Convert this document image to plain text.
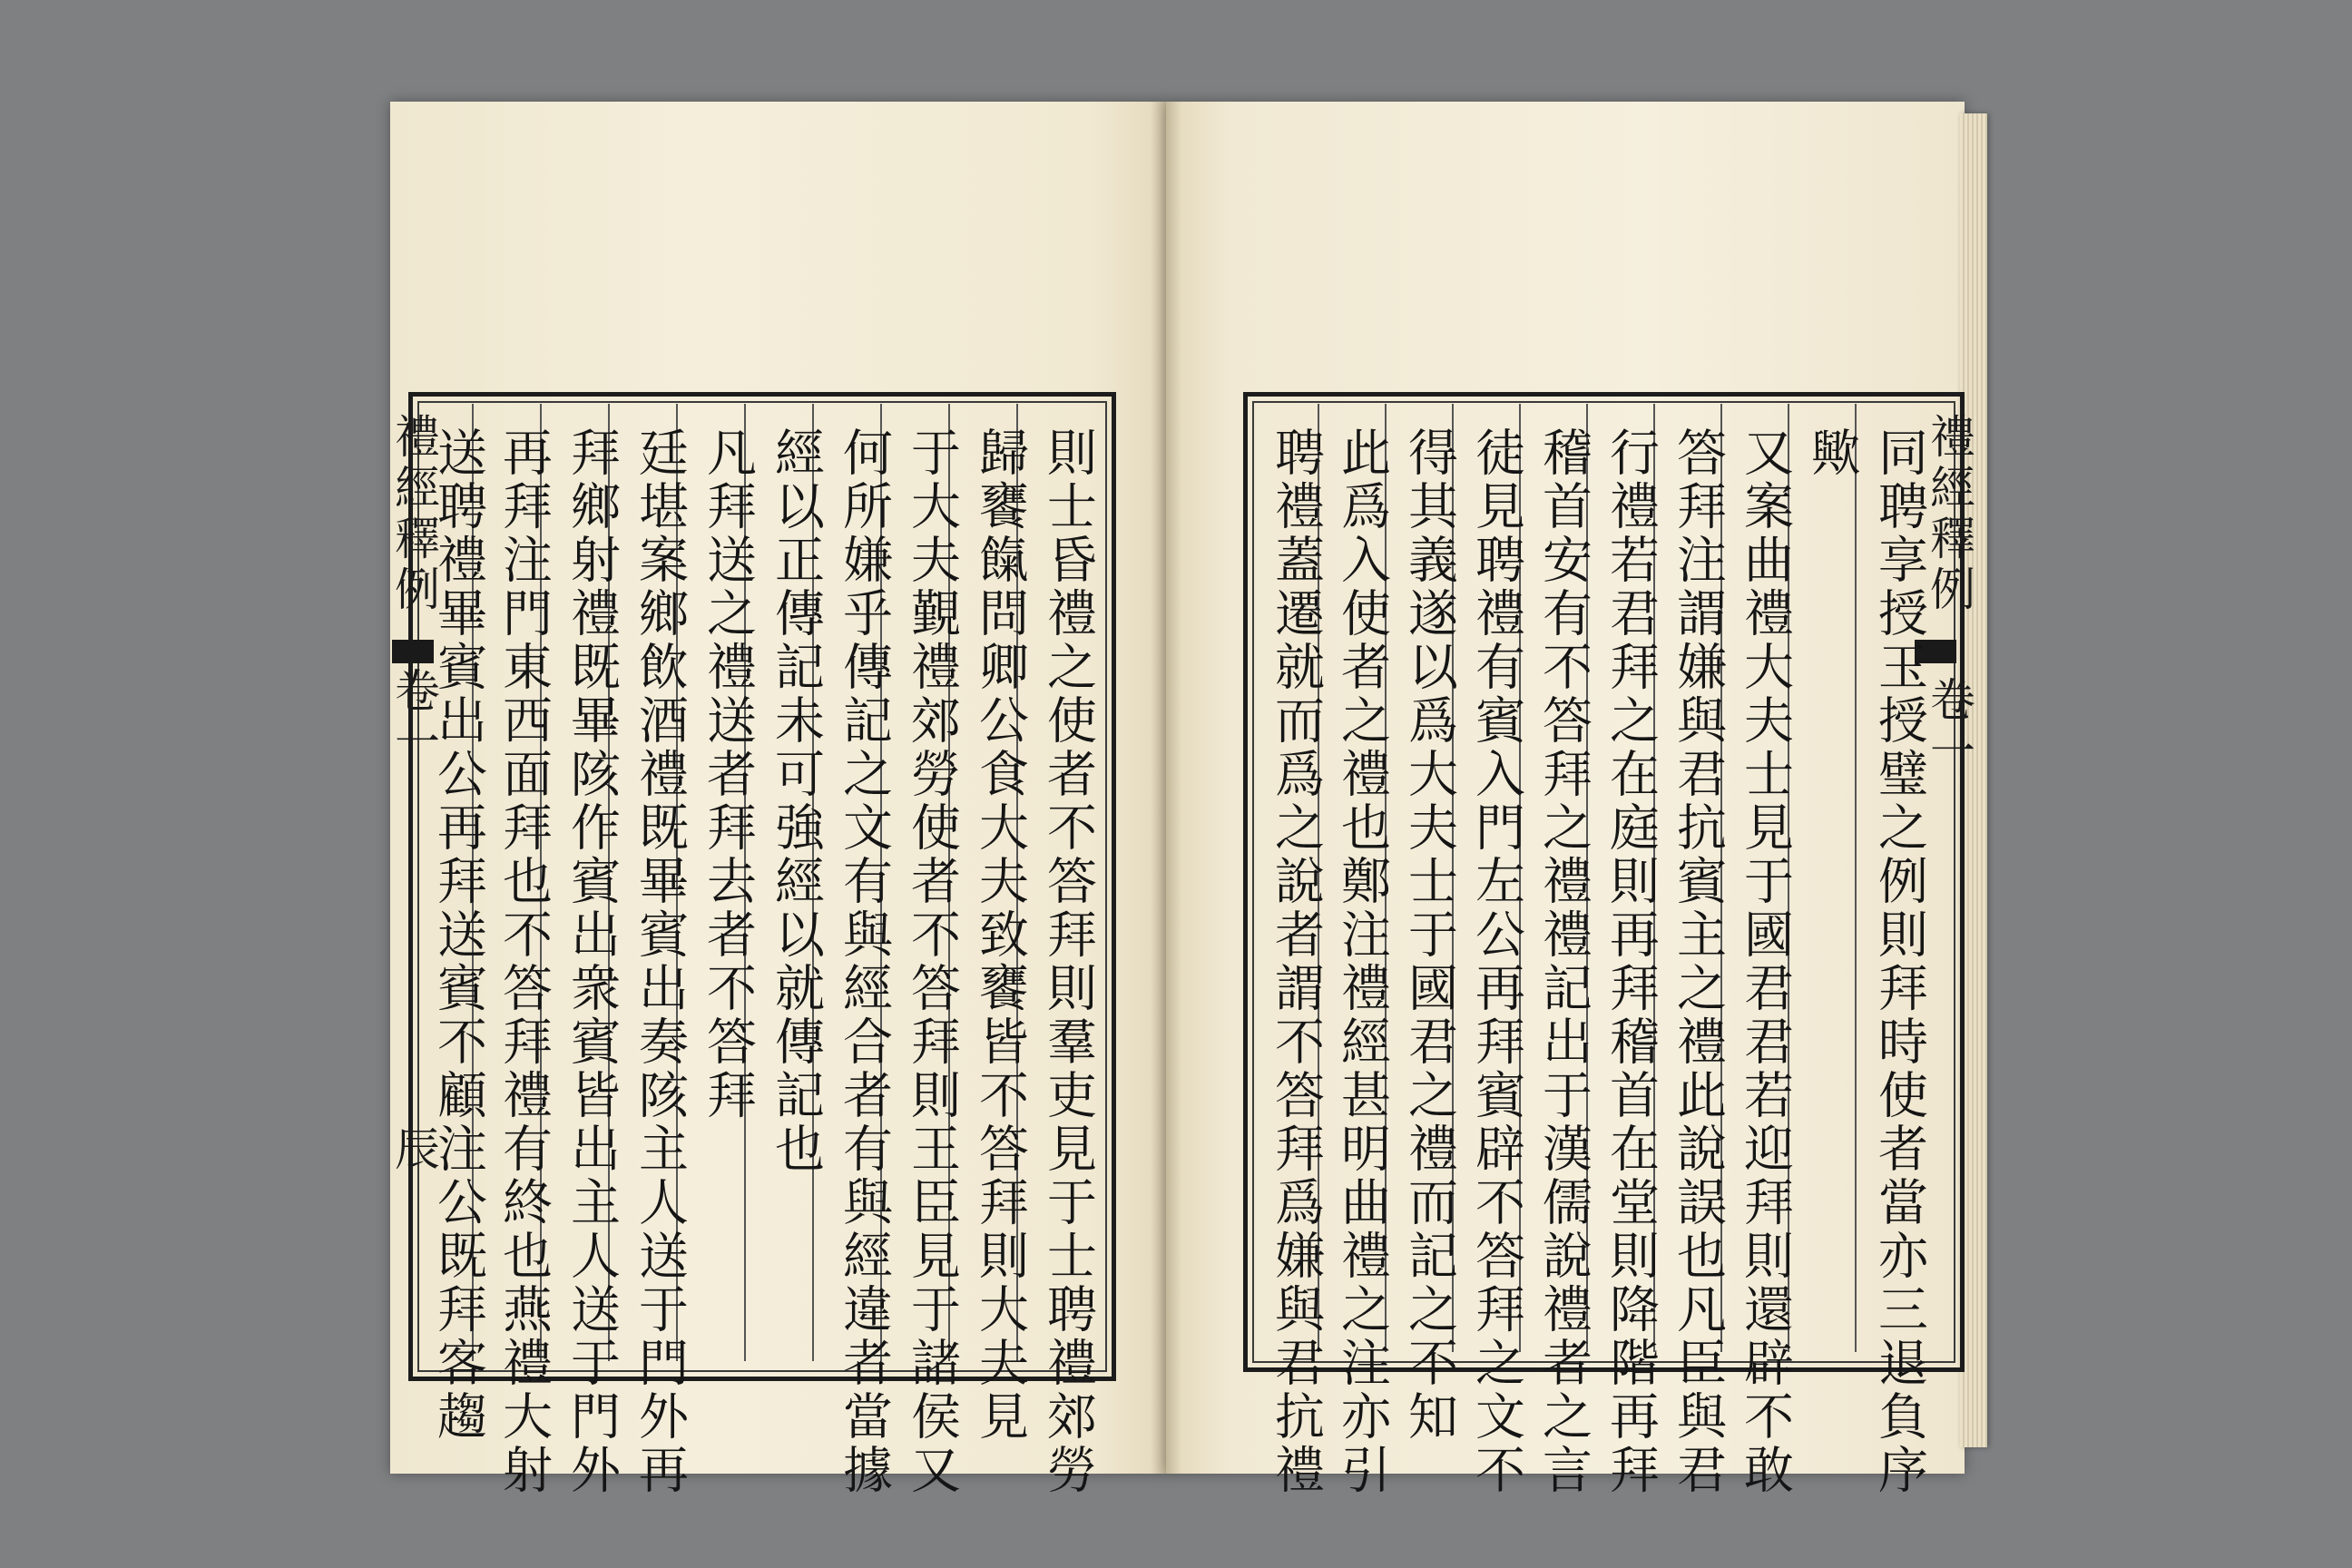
禮經釋例
卷一
辰	則士昏禮之使者不答拜則羣吏見于士聘禮郊勞
歸饔餼問卿公食大夫致饔皆不答拜則大夫見
于大夫覲禮郊勞使者不答拜則王臣見于諸侯又
何所嫌乎傳記之文有與經合者有與經違者當據
經以正傳記未可強經以就傳記也
凡拜送之禮送者拜去者不答拜
廷堪案鄉飲酒禮既畢賓出奏陔主人送于門外再
拜鄉射禮既畢陔作賓出衆賓皆出主人送于門外
再拜注門東西面拜也不答拜禮有終也燕禮大射
送聘禮畢賓出公再拜送賓不顧注公既拜客趨	禮經釋例
卷一
同聘享授玉授璧之例則拜時使者當亦三退負序
歟
又案曲禮大夫士見于國君君若迎拜則還辟不敢
答拜注謂嫌與君抗賓主之禮此說誤也凡臣與君
行禮若君拜之在庭則再拜稽首在堂則降階再拜
稽首安有不答拜之禮禮記出于漢儒說禮者之言
徒見聘禮有賓入門左公再拜賓辟不答拜之文不
得其義遂以爲大夫士于國君之禮而記之不知
此爲入使者之禮也鄭注禮經甚明曲禮之注亦引
聘禮蓋遷就而爲之說者謂不答拜爲嫌與君抗禮
